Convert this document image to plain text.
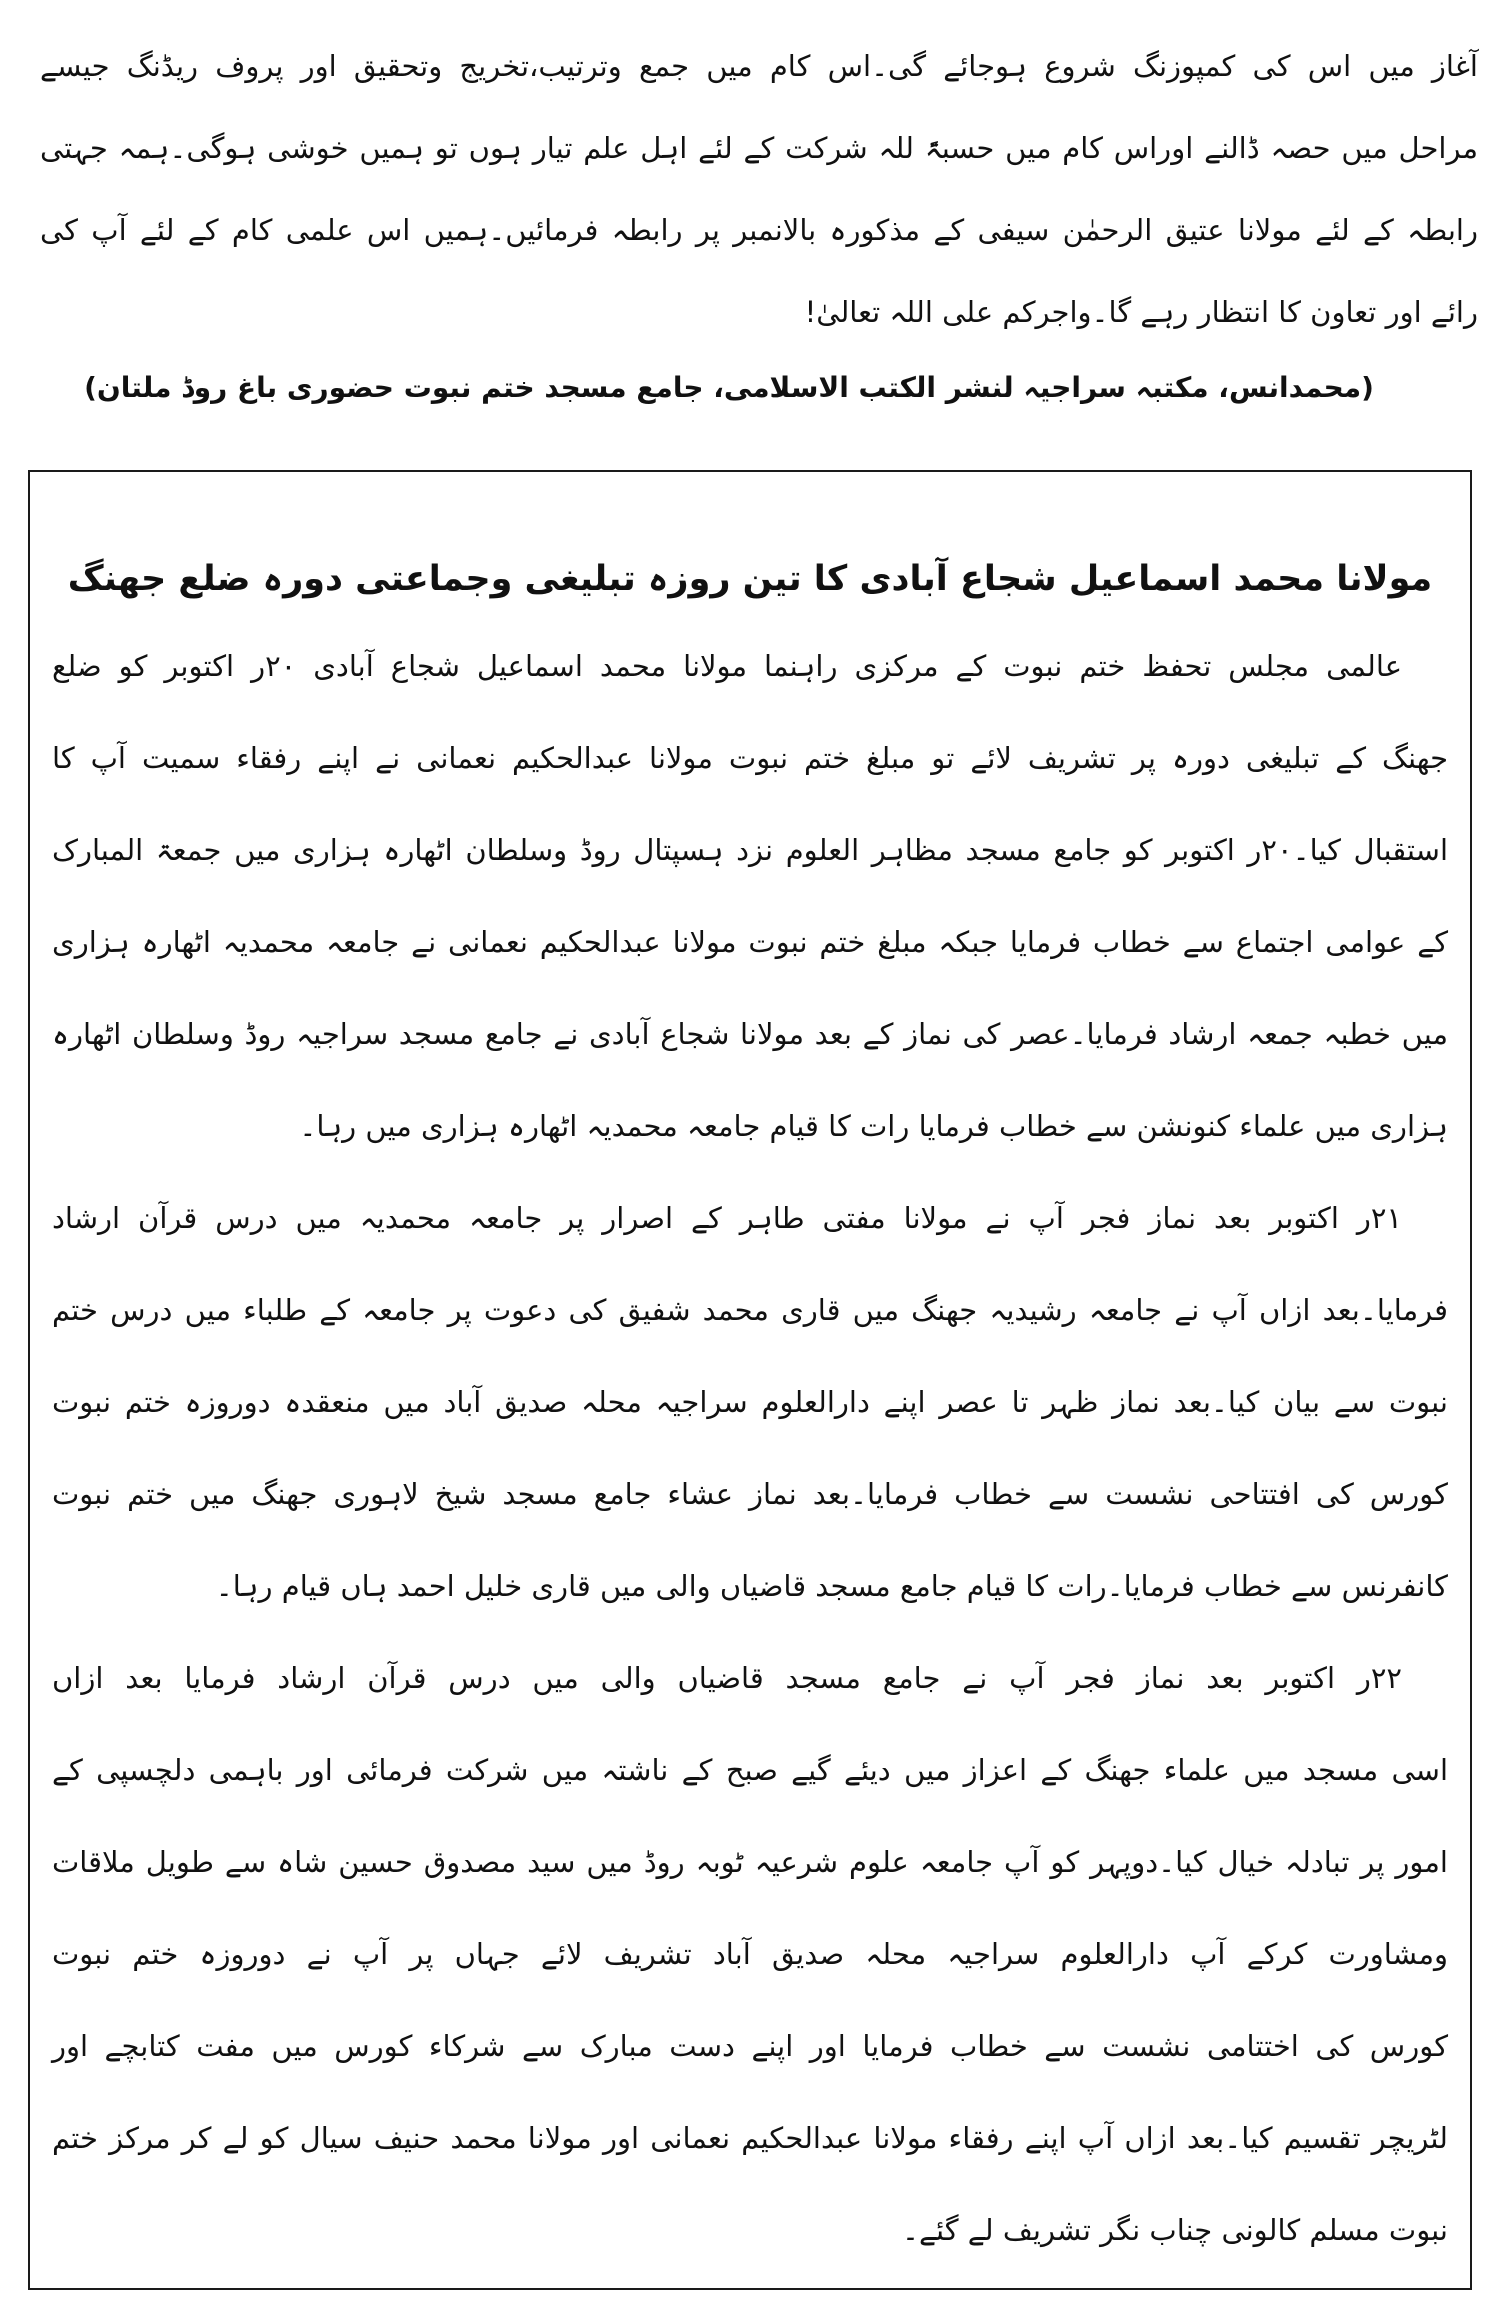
آغاز میں اس کی کمپوزنگ شروع ہوجائے گی۔اس کام میں جمع وترتیب،تخریج وتحقیق اور پروف ریڈنگ جیسے
مراحل میں حصہ ڈالنے اوراس کام میں حسبۃً للہ شرکت کے لئے اہل علم تیار ہوں تو ہمیں خوشی ہوگی۔ہمہ جہتی
رابطہ کے لئے مولانا عتیق الرحمٰن سیفی کے مذکورہ بالانمبر پر رابطہ فرمائیں۔ہمیں اس علمی کام کے لئے آپ کی
رائے اور تعاون کا انتظار رہے گا۔واجرکم علی اللہ تعالیٰ!
(محمدانس، مکتبہ سراجیہ لنشر الکتب الاسلامی، جامع مسجد ختم نبوت حضوری باغ روڈ ملتان)
مولانا محمد اسماعیل شجاع آبادی کا تین روزہ تبلیغی وجماعتی دورہ ضلع جھنگ
عالمی مجلس تحفظ ختم نبوت کے مرکزی راہنما مولانا محمد اسماعیل شجاع آبادی ۲۰ر اکتوبر کو ضلع
جھنگ کے تبلیغی دورہ پر تشریف لائے تو مبلغ ختم نبوت مولانا عبدالحکیم نعمانی نے اپنے رفقاء سمیت آپ کا
استقبال کیا۔۲۰ر اکتوبر کو جامع مسجد مظاہر العلوم نزد ہسپتال روڈ وسلطان اٹھارہ ہزاری میں جمعۃ المبارک
کے عوامی اجتماع سے خطاب فرمایا جبکہ مبلغ ختم نبوت مولانا عبدالحکیم نعمانی نے جامعہ محمدیہ اٹھارہ ہزاری
میں خطبہ جمعہ ارشاد فرمایا۔عصر کی نماز کے بعد مولانا شجاع آبادی نے جامع مسجد سراجیہ روڈ وسلطان اٹھارہ
ہزاری میں علماء کنونشن سے خطاب فرمایا رات کا قیام جامعہ محمدیہ اٹھارہ ہزاری میں رہا۔
۲۱ر اکتوبر بعد نماز فجر آپ نے مولانا مفتی طاہر کے اصرار پر جامعہ محمدیہ میں درس قرآن ارشاد
فرمایا۔بعد ازاں آپ نے جامعہ رشیدیہ جھنگ میں قاری محمد شفیق کی دعوت پر جامعہ کے طلباء میں درس ختم
نبوت سے بیان کیا۔بعد نماز ظہر تا عصر اپنے دارالعلوم سراجیہ محلہ صدیق آباد میں منعقدہ دوروزہ ختم نبوت
کورس کی افتتاحی نشست سے خطاب فرمایا۔بعد نماز عشاء جامع مسجد شیخ لاہوری جھنگ میں ختم نبوت
کانفرنس سے خطاب فرمایا۔رات کا قیام جامع مسجد قاضیاں والی میں قاری خلیل احمد ہاں قیام رہا۔
۲۲ر اکتوبر بعد نماز فجر آپ نے جامع مسجد قاضیاں والی میں درس قرآن ارشاد فرمایا بعد ازاں
اسی مسجد میں علماء جھنگ کے اعزاز میں دیئے گیے صبح کے ناشتہ میں شرکت فرمائی اور باہمی دلچسپی کے
امور پر تبادلہ خیال کیا۔دوپہر کو آپ جامعہ علوم شرعیہ ٹوبہ روڈ میں سید مصدوق حسین شاہ سے طویل ملاقات
ومشاورت کرکے آپ دارالعلوم سراجیہ محلہ صدیق آباد تشریف لائے جہاں پر آپ نے دوروزہ ختم نبوت
کورس کی اختتامی نشست سے خطاب فرمایا اور اپنے دست مبارک سے شرکاء کورس میں مفت کتابچے اور
لٹریچر تقسیم کیا۔بعد ازاں آپ اپنے رفقاء مولانا عبدالحکیم نعمانی اور مولانا محمد حنیف سیال کو لے کر مرکز ختم
نبوت مسلم کالونی چناب نگر تشریف لے گئے۔
